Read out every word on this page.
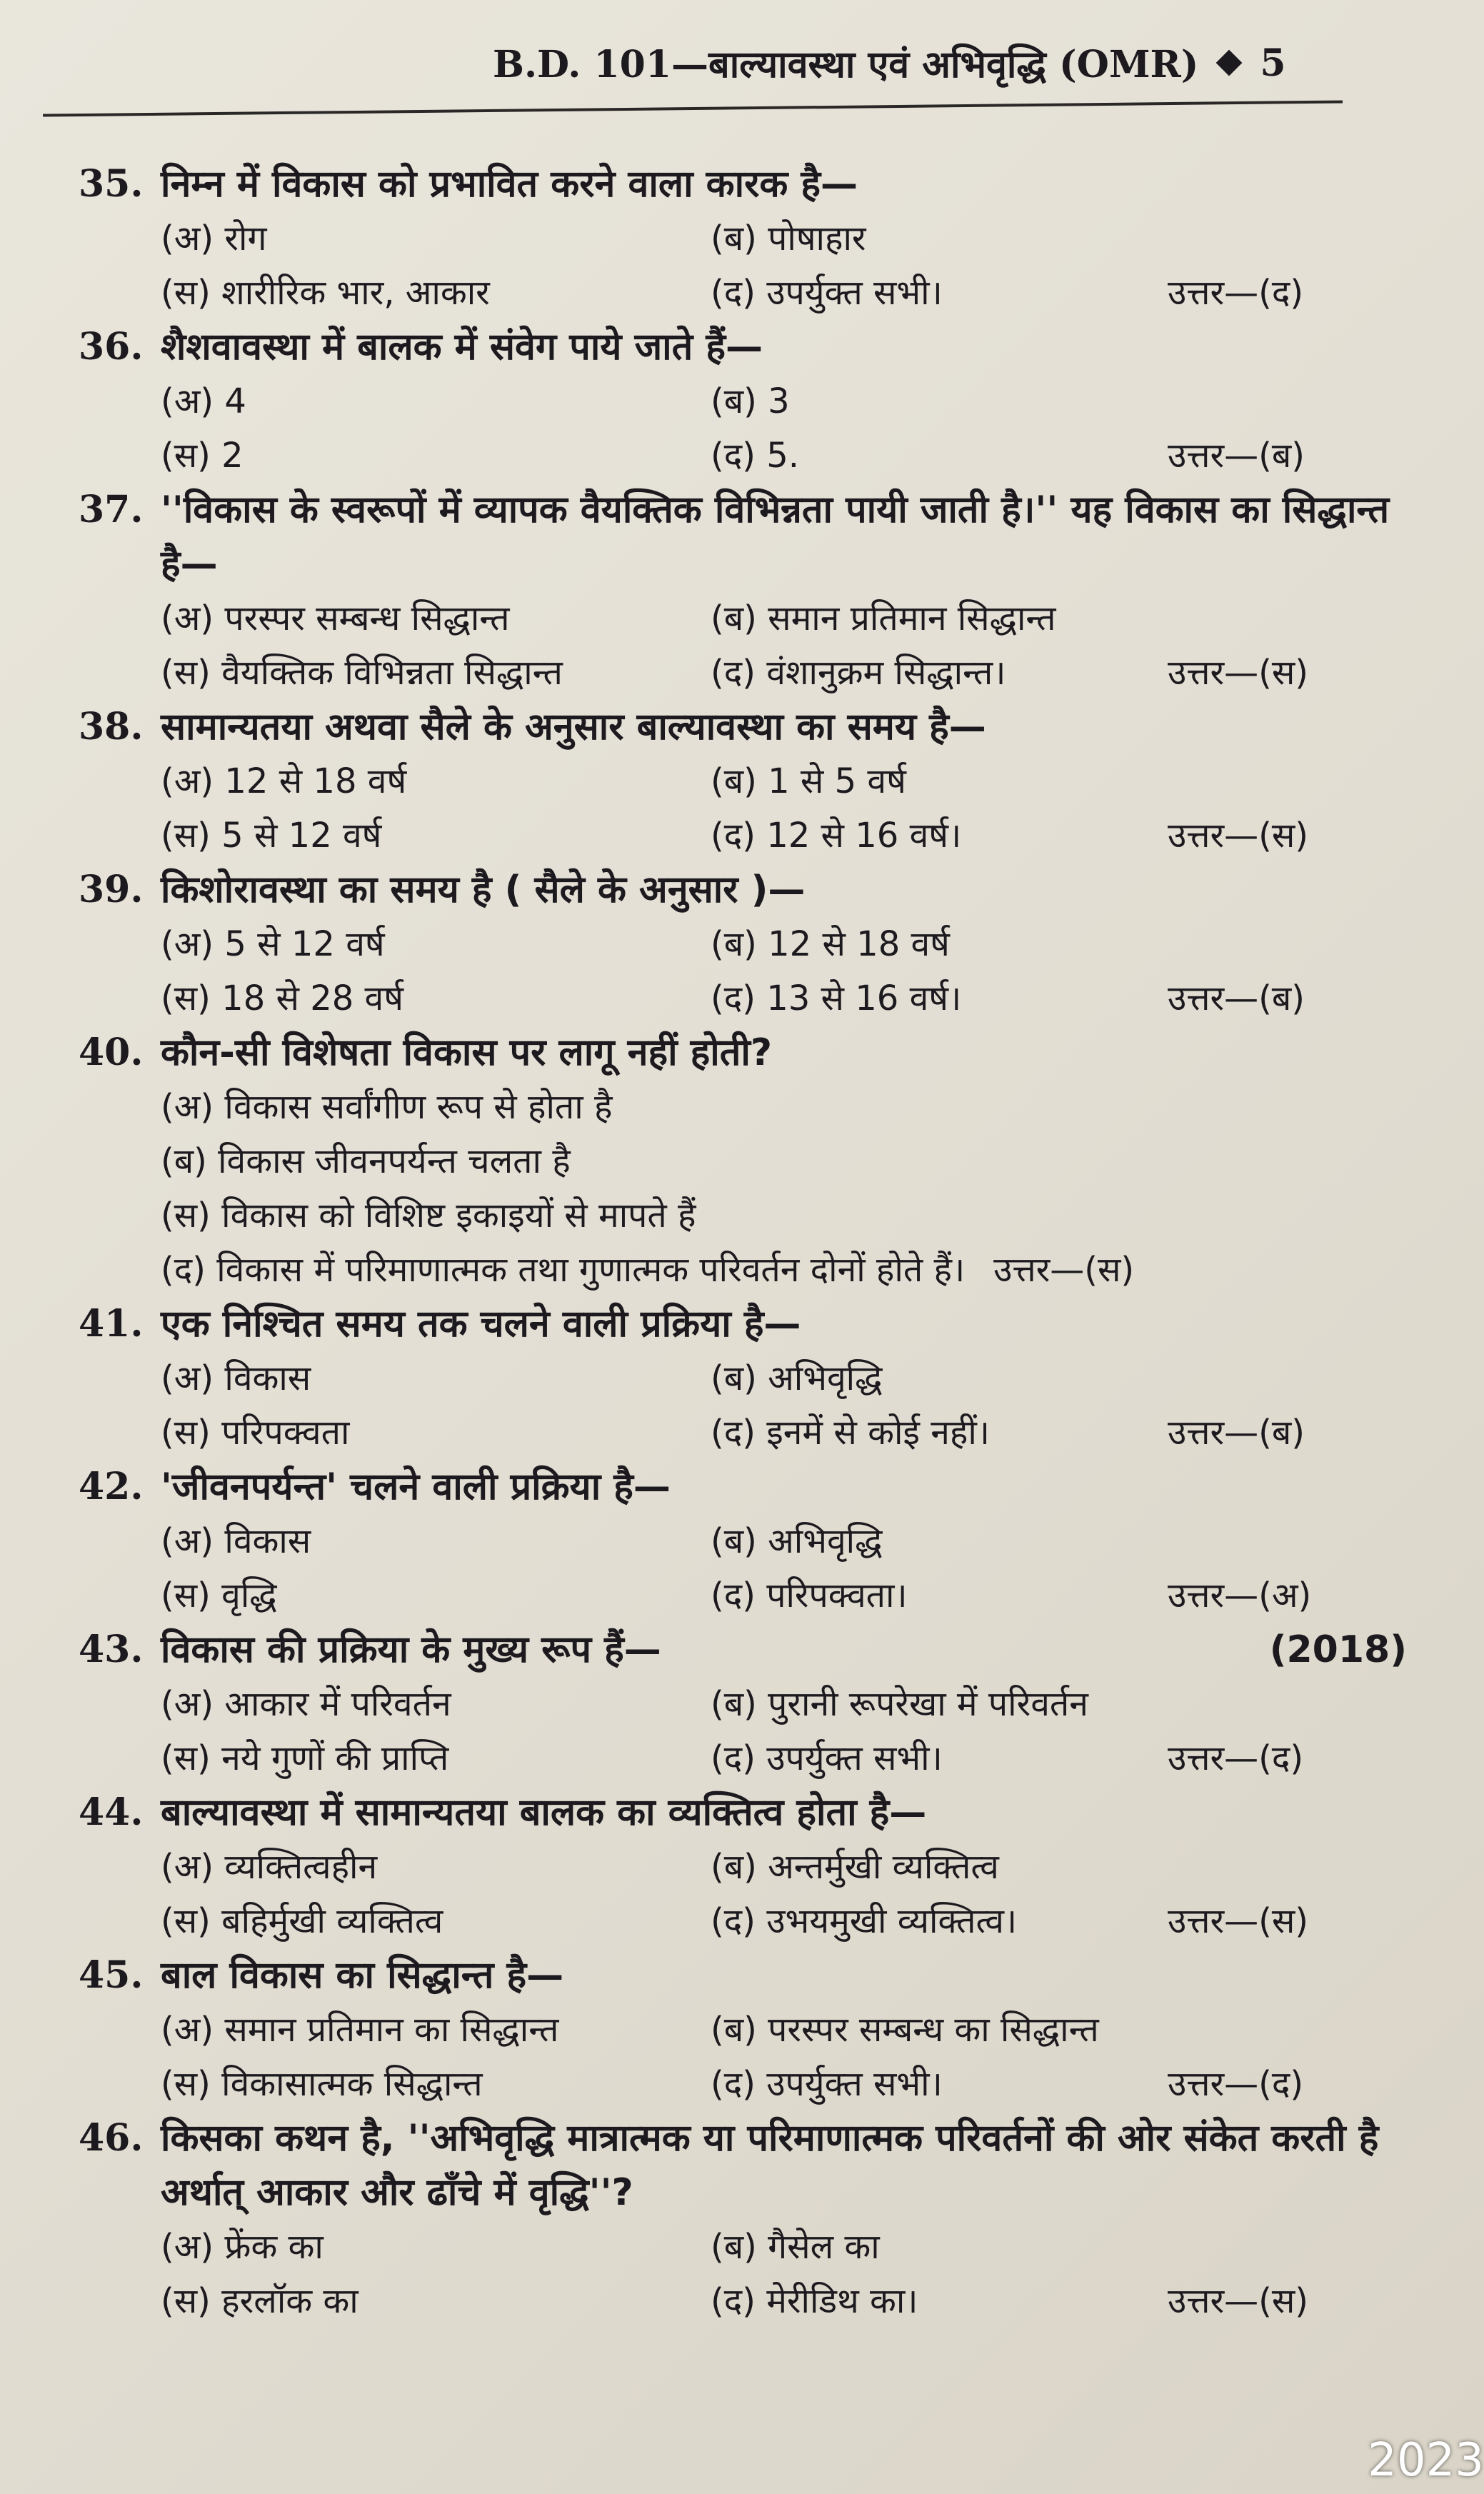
B.D. 101—बाल्यावस्था एवं अभिवृद्धि (OMR) 5
35. निम्न में विकास को प्रभावित करने वाला कारक है—
(अ) रोग	(ब) पोषाहार
(स) शारीरिक भार, आकार	(द) उपर्युक्त सभी।	उत्तर—(द)
36. शैशवावस्था में बालक में संवेग पाये जाते हैं—
(अ) 4	(ब) 3
(स) 2	(द) 5.	उत्तर—(ब)
37. ''विकास के स्वरूपों में व्यापक वैयक्तिक विभिन्नता पायी जाती है।'' यह विकास का सिद्धान्त है—
(अ) परस्पर सम्बन्ध सिद्धान्त	(ब) समान प्रतिमान सिद्धान्त
(स) वैयक्तिक विभिन्नता सिद्धान्त	(द) वंशानुक्रम सिद्धान्त।	उत्तर—(स)
38. सामान्यतया अथवा सैले के अनुसार बाल्यावस्था का समय है—
(अ) 12 से 18 वर्ष	(ब) 1 से 5 वर्ष
(स) 5 से 12 वर्ष	(द) 12 से 16 वर्ष।	उत्तर—(स)
39. किशोरावस्था का समय है ( सैले के अनुसार )—
(अ) 5 से 12 वर्ष	(ब) 12 से 18 वर्ष
(स) 18 से 28 वर्ष	(द) 13 से 16 वर्ष।	उत्तर—(ब)
40. कौन-सी विशेषता विकास पर लागू नहीं होती?
(अ) विकास सर्वांगीण रूप से होता है
(ब) विकास जीवनपर्यन्त चलता है
(स) विकास को विशिष्ट इकाइयों से मापते हैं
(द) विकास में परिमाणात्मक तथा गुणात्मक परिवर्तन दोनों होते हैं। उत्तर—(स)
41. एक निश्चित समय तक चलने वाली प्रक्रिया है—
(अ) विकास	(ब) अभिवृद्धि
(स) परिपक्वता	(द) इनमें से कोई नहीं।	उत्तर—(ब)
42. 'जीवनपर्यन्त' चलने वाली प्रक्रिया है—
(अ) विकास	(ब) अभिवृद्धि
(स) वृद्धि	(द) परिपक्वता।	उत्तर—(अ)
43. विकास की प्रक्रिया के मुख्य रूप हैं—	(2018)
(अ) आकार में परिवर्तन	(ब) पुरानी रूपरेखा में परिवर्तन
(स) नये गुणों की प्राप्ति	(द) उपर्युक्त सभी।	उत्तर—(द)
44. बाल्यावस्था में सामान्यतया बालक का व्यक्तित्व होता है—
(अ) व्यक्तित्वहीन	(ब) अन्तर्मुखी व्यक्तित्व
(स) बहिर्मुखी व्यक्तित्व	(द) उभयमुखी व्यक्तित्व।	उत्तर—(स)
45. बाल विकास का सिद्धान्त है—
(अ) समान प्रतिमान का सिद्धान्त	(ब) परस्पर सम्बन्ध का सिद्धान्त
(स) विकासात्मक सिद्धान्त	(द) उपर्युक्त सभी।	उत्तर—(द)
46. किसका कथन है, ''अभिवृद्धि मात्रात्मक या परिमाणात्मक परिवर्तनों की ओर संकेत करती है अर्थात् आकार और ढाँचे में वृद्धि''?
(अ) फ्रेंक का	(ब) गैसेल का
(स) हरलॉक का	(द) मेरीडिथ का।	उत्तर—(स)
2023
